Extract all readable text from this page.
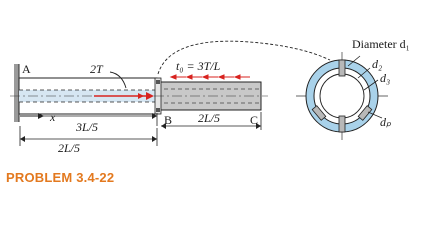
A	2T	t₀ = 3T/L
B	C
x
3L/5
2L/5
2L/5
Diameter d₁
d₂
d₃
dₚ
PROBLEM 3.4-22
